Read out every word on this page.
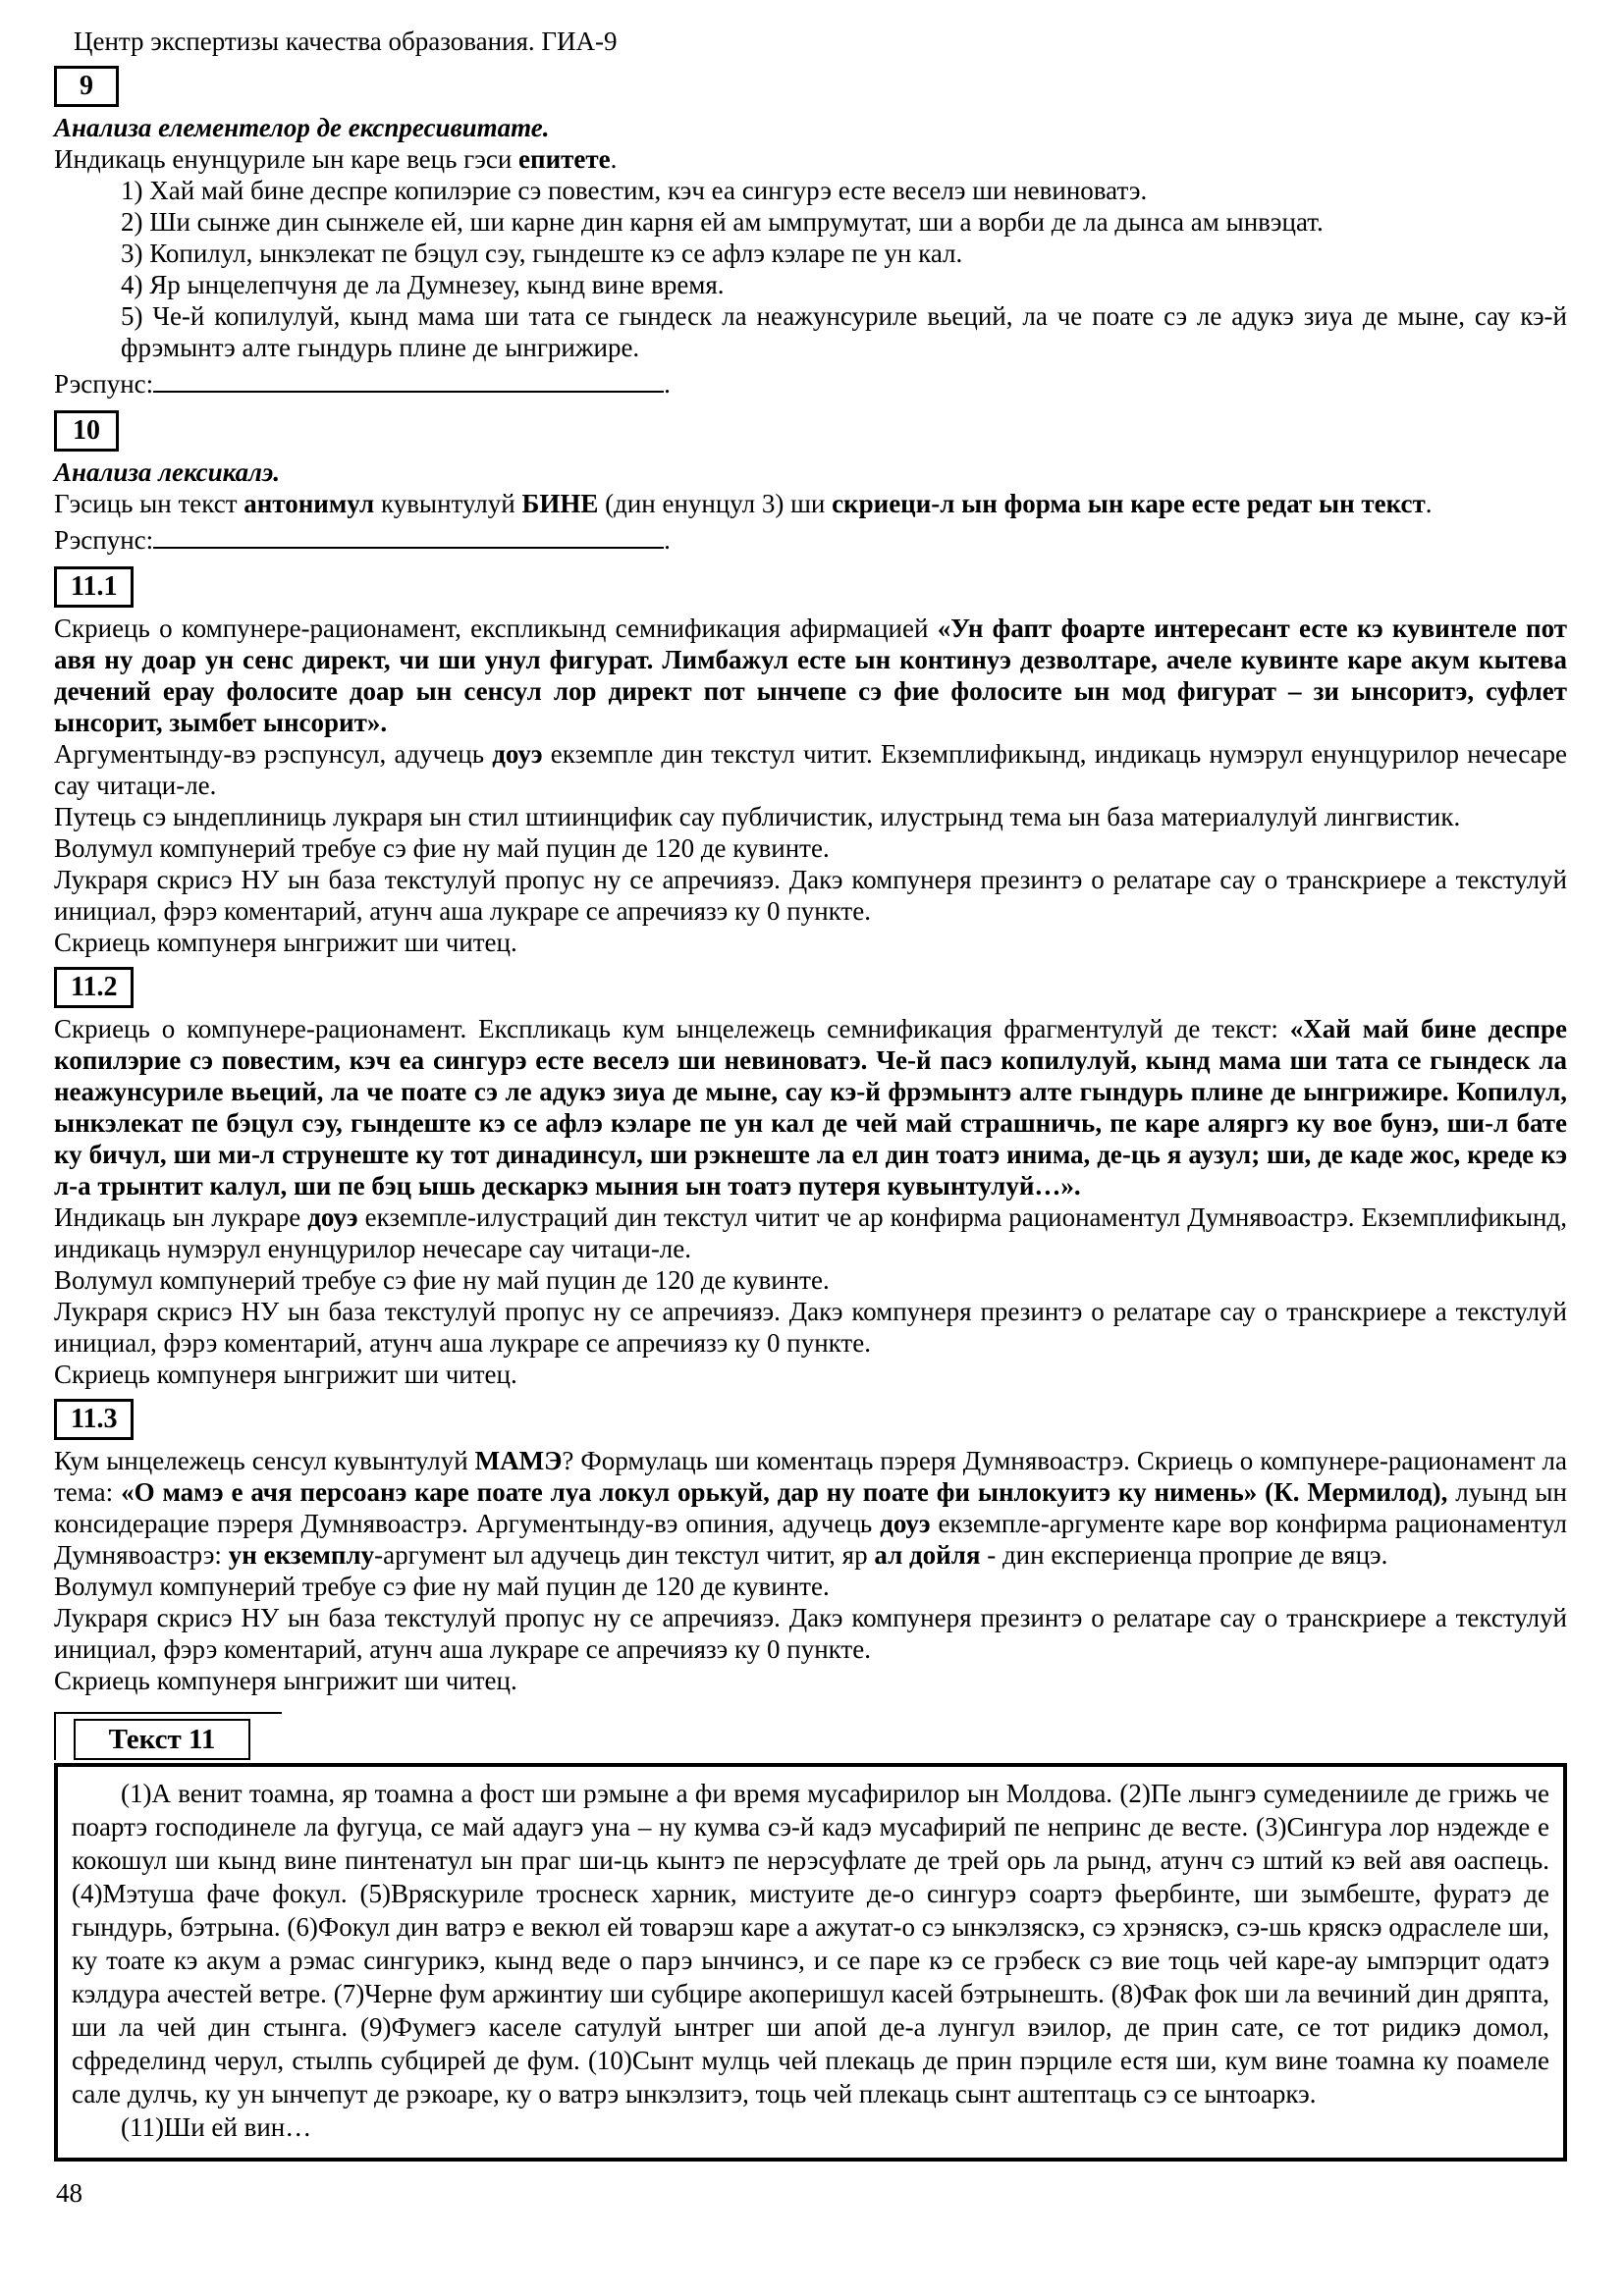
Центр экспертизы качества образования. ГИА-9

9

Анализа елементелор де експресивитате.

Индикаць енунцуриле ын каре вець гэси епитете.

1) Хай май бине деспре копилэрие сэ повестим, кэч еа сингурэ есте веселэ ши невиноватэ.

2) Ши сынже дин сынжеле ей, ши карне дин карня ей ам ымпрумутат, ши а ворби де ла дынса ам ынвэцат.

3) Копилул, ынкэлекат пе бэцул сэу, гындеште кэ се афлэ кэларе пе ун кал.

4) Яр ынцелепчуня де ла Думнезеу, кынд вине время.

5) Че-й копилулуй, кынд мама ши тата се гындеск ла неажунсуриле вьеций, ла че поате сэ ле адукэ зиуа де мыне, сау кэ-й фрэмынтэ алте гындурь плине де ынгрижире.

Рэспунс:	.

10

Анализа лексикалэ.

Гэсиць ын текст антонимул кувынтулуй БИНЕ (дин енунцул 3) ши скриеци-л ын форма ын каре есте редат ын текст.

Рэспунс:	.

11.1

Скриець о компунере-рационамент, експликынд семнификация афирмацией «Ун фапт фоарте интересант есте кэ кувинтеле пот авя ну доар ун сенс директ, чи ши унул фигурат. Лимбажул есте ын континуэ дезволтаре, ачеле кувинте каре акум кытева дечений ерау фолосите доар ын сенсул лор директ пот ынчепе сэ фие фолосите ын мод фигурат – зи ынсоритэ, суфлет ынсорит, зымбет ынсорит».

Аргументынду-вэ рэспунсул, адучець доуэ екземпле дин текстул читит. Екземплификынд, индикаць нумэрул енунцурилор нечесаре сау читаци-ле.

Путець сэ ындеплиниць лукраря ын стил штиинцифик сау публичистик, илустрынд тема ын база материалулуй лингвистик.

Волумул компунерий требуе сэ фие ну май пуцин де 120 де кувинте.

Лукраря скрисэ НУ ын база текстулуй пропус ну се апречиязэ. Дакэ компунеря презинтэ о релатаре сау о транскриере а текстулуй инициал, фэрэ коментарий, атунч аша лукраре се апречиязэ ку 0 пункте.

Скриець компунеря ынгрижит ши читец.

11.2

Скриець о компунере-рационамент. Експликаць кум ынцележець семнификация фрагментулуй де текст: «Хай май бине деспре копилэрие сэ повестим, кэч еа сингурэ есте веселэ ши невиноватэ. Че-й пасэ копилулуй, кынд мама ши тата се гындеск ла неажунсуриле вьеций, ла че поате сэ ле адукэ зиуа де мыне, сау кэ-й фрэмынтэ алте гындурь плине де ынгрижире. Копилул, ынкэлекат пе бэцул сэу, гындеште кэ се афлэ кэларе пе ун кал де чей май страшничь, пе каре аляргэ ку вое бунэ, ши-л бате ку бичул, ши ми-л струнеште ку тот динадинсул, ши рэкнеште ла ел дин тоатэ инима, де-ць я аузул; ши, де каде жос, креде кэ л-а трынтит калул, ши пе бэц ышь дескаркэ мыния ын тоатэ путеря кувынтулуй…».

Индикаць ын лукраре доуэ екземпле-илустраций дин текстул читит че ар конфирма рационаментул Думнявоастрэ. Екземплификынд, индикаць нумэрул енунцурилор нечесаре сау читаци-ле.

Волумул компунерий требуе сэ фие ну май пуцин де 120 де кувинте.

Лукраря скрисэ НУ ын база текстулуй пропус ну се апречиязэ. Дакэ компунеря презинтэ о релатаре сау о транскриере а текстулуй инициал, фэрэ коментарий, атунч аша лукраре се апречиязэ ку 0 пункте.

Скриець компунеря ынгрижит ши читец.

11.3

Кум ынцележець сенсул кувынтулуй МАМЭ? Формулаць ши коментаць пэреря Думнявоастрэ. Скриець о компунере-рационамент ла тема: «О мамэ е ачя персоанэ каре поате луа локул орькуй, дар ну поате фи ынлокуитэ ку нимень» (К. Мермилод), луынд ын консидерацие пэреря Думнявоастрэ. Аргументынду-вэ опиния, адучець доуэ екземпле-аргументе каре вор конфирма рационаментул Думнявоастрэ: ун екземплу-аргумент ыл адучець дин текстул читит, яр ал дойля - дин експериенца проприе де вяцэ.

Волумул компунерий требуе сэ фие ну май пуцин де 120 де кувинте.

Лукраря скрисэ НУ ын база текстулуй пропус ну се апречиязэ. Дакэ компунеря презинтэ о релатаре сау о транскриере а текстулуй инициал, фэрэ коментарий, атунч аша лукраре се апречиязэ ку 0 пункте.

Скриець компунеря ынгрижит ши читец.

Текст 11

(1)А венит тоамна, яр тоамна а фост ши рэмыне а фи время мусафирилор ын Молдова. (2)Пе лынгэ сумеденииле де грижь че поартэ господинеле ла фугуца, се май адаугэ уна – ну кумва сэ-й кадэ мусафирий пе непринс де весте. (3)Сингура лор нэдежде е кокошул ши кынд вине пинтенатул ын праг ши-ць кынтэ пе нерэсуфлате де трей орь ла рынд, атунч сэ штий кэ вей авя оаспець. (4)Мэтуша фаче фокул. (5)Вряскуриле троснеск харник, мистуите де-о сингурэ соартэ фьербинте, ши зымбеште, фуратэ де гындурь, бэтрына. (6)Фокул дин ватрэ е векюл ей товарэш каре а ажутат-о сэ ынкэлзяскэ, сэ хрэняскэ, сэ-шь кряскэ одраслеле ши, ку тоате кэ акум а рэмас сингурикэ, кынд веде о парэ ынчинсэ, и се паре кэ се грэбеск сэ вие тоць чей каре-ау ымпэрцит одатэ кэлдура ачестей ветре. (7)Черне фум аржинтиу ши субцире акоперишул касей бэтрынешть. (8)Фак фок ши ла вечиний дин дряпта, ши ла чей дин стынга. (9)Фумегэ каселе сатулуй ынтрег ши апой де-а лунгул вэилор, де прин сате, се тот ридикэ домол, сфределинд черул, стылпь субцирей де фум. (10)Сынт мулць чей плекаць де прин пэрциле естя ши, кум вине тоамна ку поамеле сале дулчь, ку ун ынчепут де рэкоаре, ку о ватрэ ынкэлзитэ, тоць чей плекаць сынт аштептаць сэ се ынтоаркэ.

(11)Ши ей вин…

48
